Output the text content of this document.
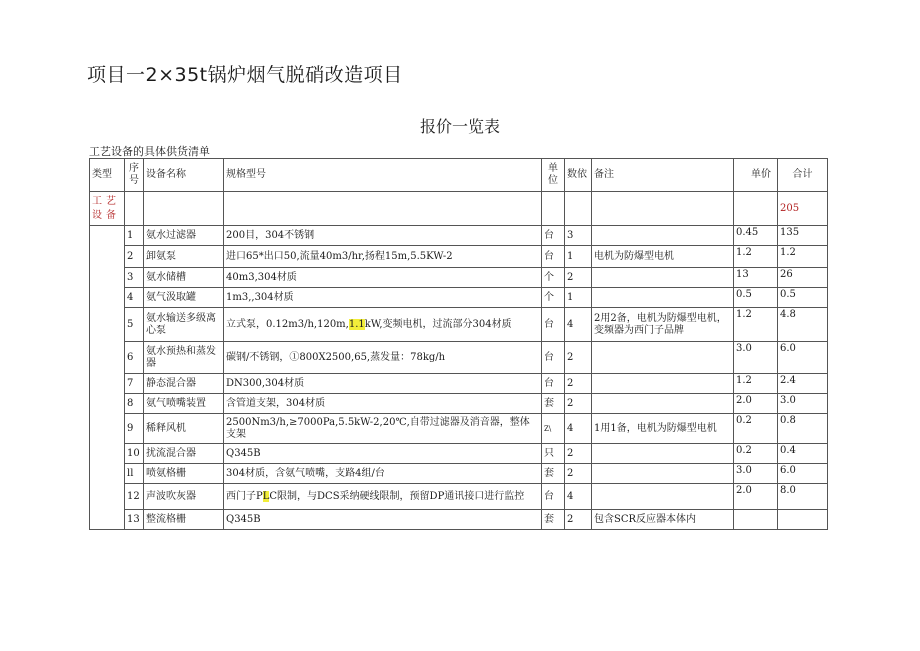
项目一2×35t锅炉烟气脱硝改造项目
报价一览表
工艺设备的具体供货清单
类型	序号	设备名称	规格型号	单位	数依	备注	单价	合计
工艺设备								205
	1	氨水过滤器	200目，304不锈钢	台	3		0.45	135
	2	卸氨泵	进口65*出口50,流量40m3/hr,扬程15m,5.5KW-2	台	1	电机为防爆型电机	1.2	1.2
	3	氨水储槽	40m3,304材质	个	2		13	26
	4	氨气汲取罐	1m3,,304材质	个	1		0.5	0.5
	5	氨水输送多级离心泵	立式泵，0.12m3/h,120m,1.1kW,变频电机，过流部分304材质	台	4	2用2备，电机为防爆型电机，变频器为西门子品牌	1.2	4.8
	6	氨水预热和蒸发器	碳钢/不锈钢，①800X2500,65,蒸发量：78kg/h	台	2		3.0	6.0
	7	静态混合器	DN300,304材质	台	2		1.2	2.4
	8	氨气喷嘴装置	含管道支架，304材质	套	2		2.0	3.0
	9	稀释风机	2500Nm3/h,≥7000Pa,5.5kW-2,20℃,自带过滤器及消音器，整体支架	Z\	4	1用1备，电机为防爆型电机	0.2	0.8
	10	扰流混合器	Q345B	只	2		0.2	0.4
	ll	喷氨格栅	304材质，含氨气喷嘴，支路4组/台	套	2		3.0	6.0
	12	声波吹灰器	西门子PLC限制，与DCS采纳硬线限制，预留DP通讯接口进行监控	台	4		2.0	8.0
	13	整流格栅	Q345B	套	2	包含SCR反应器本体内		
